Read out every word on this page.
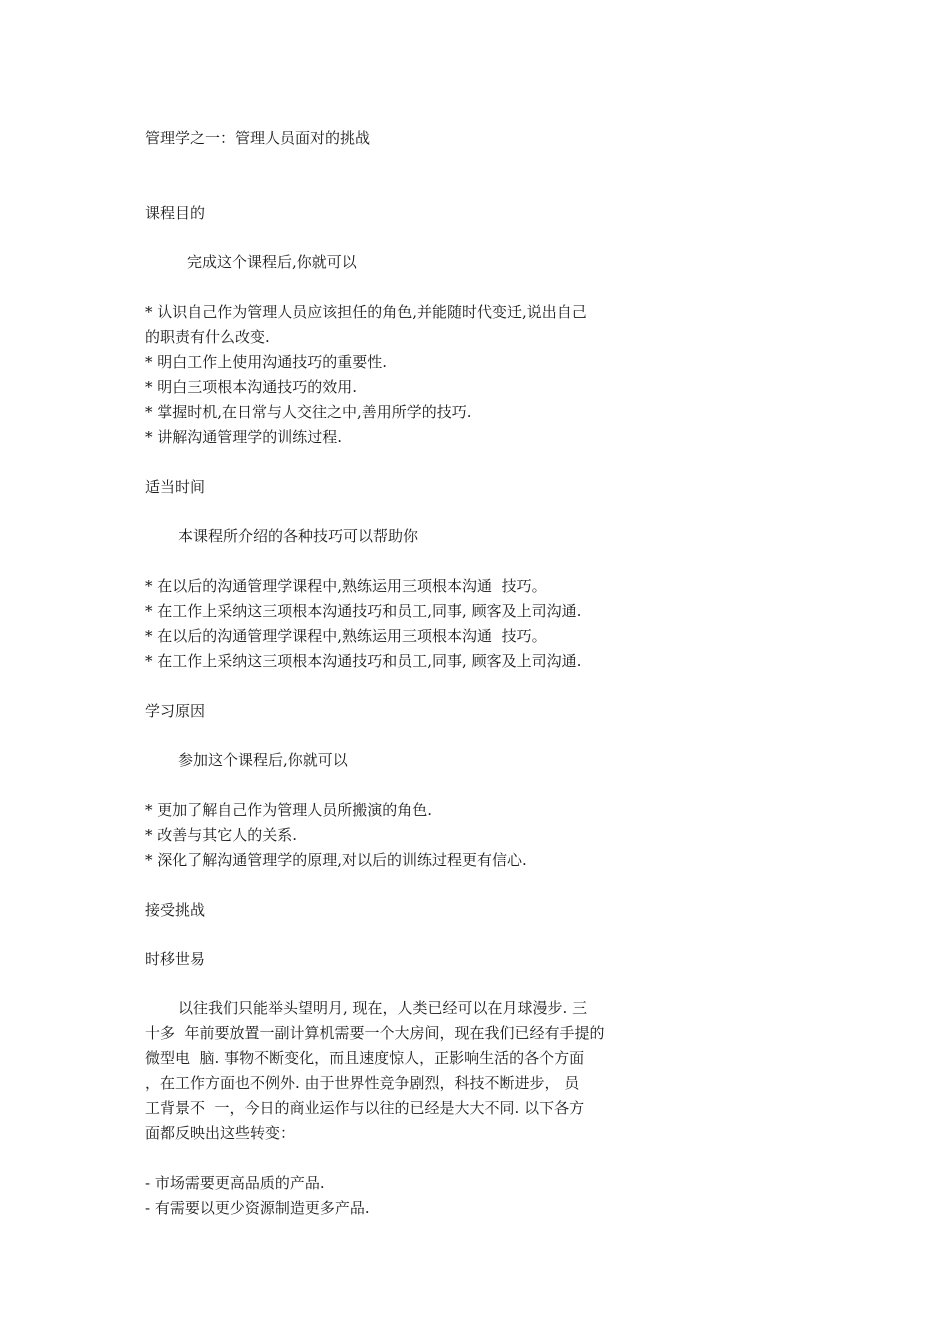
管理学之一：管理人员面对的挑战

课程目的

完成这个课程后,你就可以

* 认识自己作为管理人员应该担任的角色,并能随时代变迁,说出自己

的职责有什么改变.

* 明白工作上使用沟通技巧的重要性.

* 明白三项根本沟通技巧的效用.

* 掌握时机,在日常与人交往之中,善用所学的技巧.

* 讲解沟通管理学的训练过程.

适当时间

本课程所介绍的各种技巧可以帮助你

* 在以后的沟通管理学课程中,熟练运用三项根本沟通  技巧。

* 在工作上采纳这三项根本沟通技巧和员工,同事, 顾客及上司沟通.

* 在以后的沟通管理学课程中,熟练运用三项根本沟通  技巧。

* 在工作上采纳这三项根本沟通技巧和员工,同事, 顾客及上司沟通.

学习原因

参加这个课程后,你就可以

* 更加了解自己作为管理人员所搬演的角色.

* 改善与其它人的关系.

* 深化了解沟通管理学的原理,对以后的训练过程更有信心.

接受挑战

时移世易

以往我们只能举头望明月, 现在，人类已经可以在月球漫步. 三

十多  年前要放置一副计算机需要一个大房间，现在我们已经有手提的

微型电  脑. 事物不断变化，而且速度惊人，正影响生活的各个方面

，在工作方面也不例外. 由于世界性竞争剧烈，科技不断进步， 员

工背景不  一，今日的商业运作与以往的已经是大大不同. 以下各方

面都反映出这些转变：

- 市场需要更高品质的产品.

- 有需要以更少资源制造更多产品.
